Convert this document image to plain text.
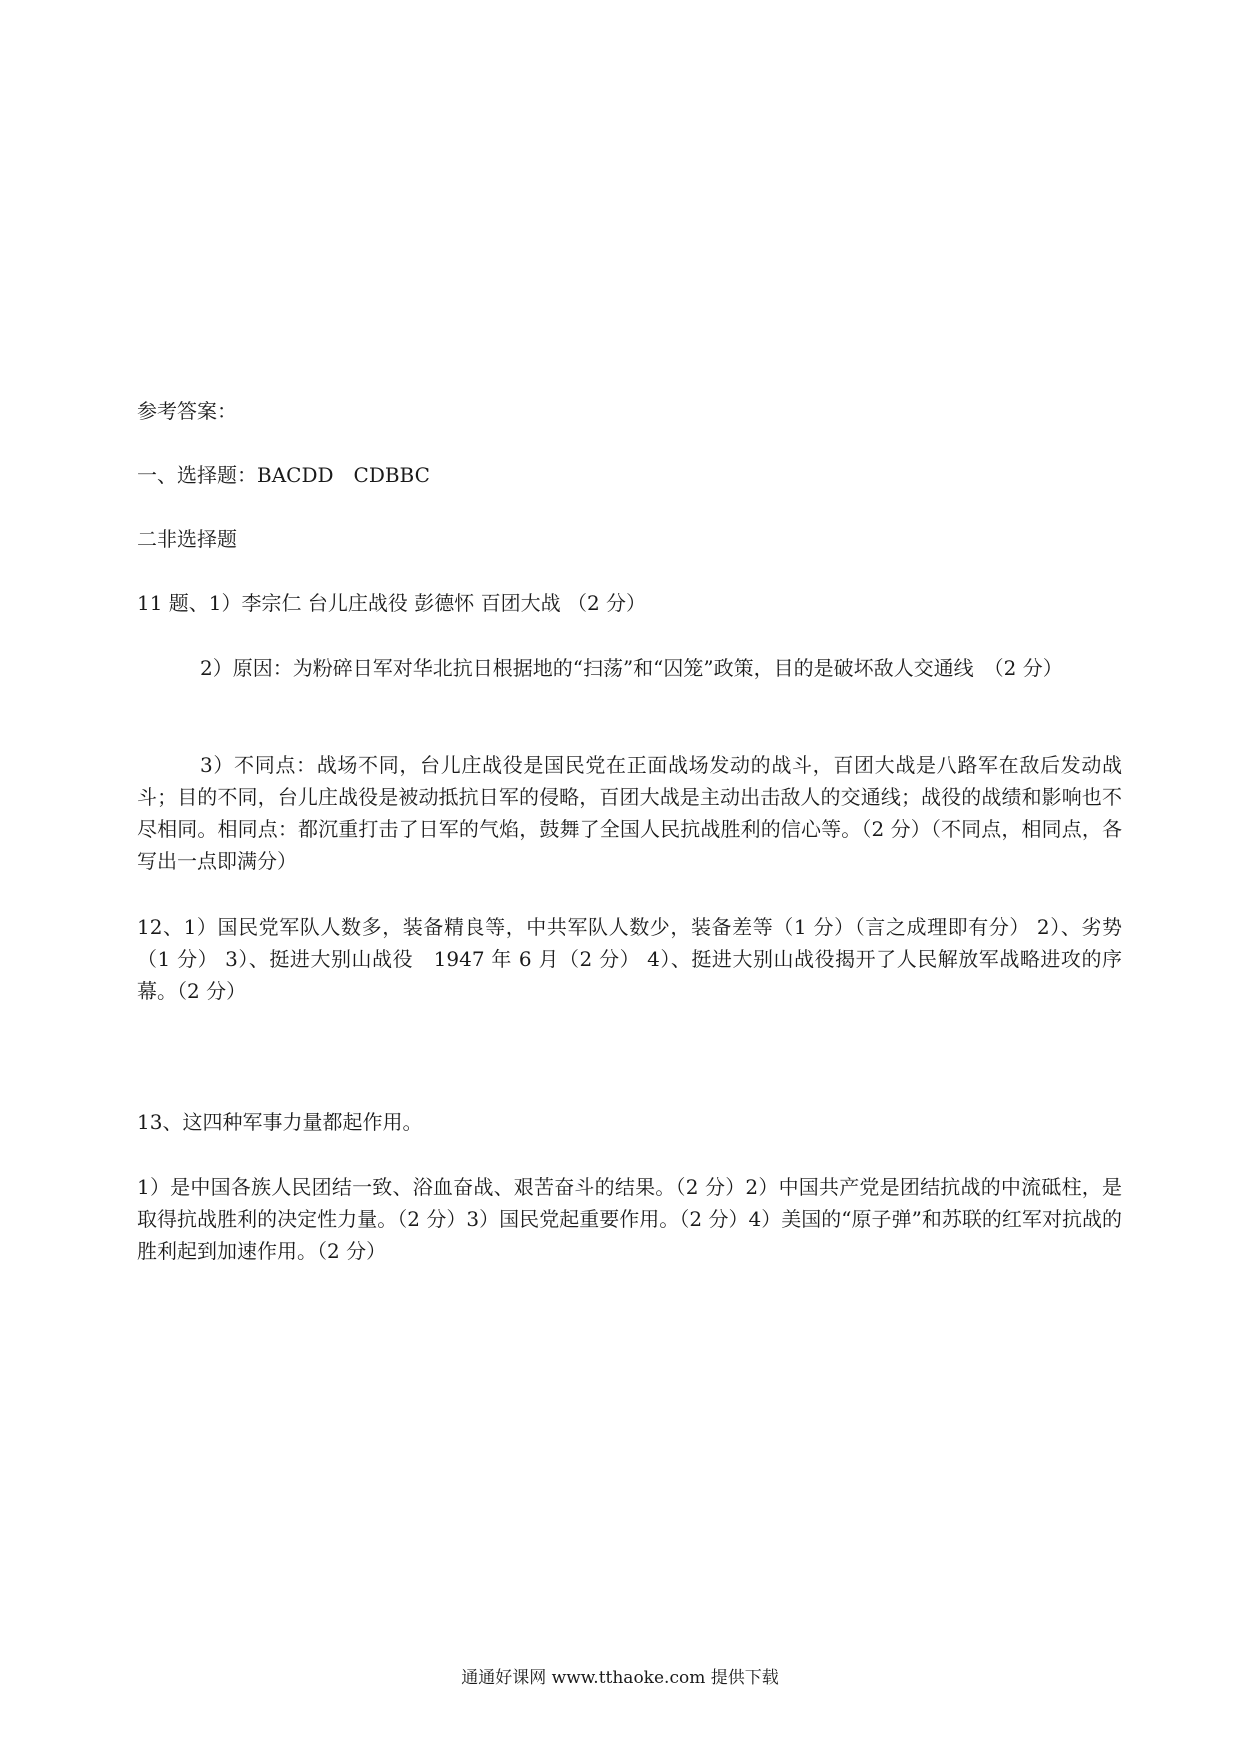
参考答案：
一、选择题：BACDD　CDBBC
二非选择题
11 题、1）李宗仁 台儿庄战役 彭德怀 百团大战 （2 分）
2）原因：为粉碎日军对华北抗日根据地的“扫荡”和“囚笼”政策，目的是破坏敌人交通线　（2 分）
3）不同点：战场不同，台儿庄战役是国民党在正面战场发动的战斗，百团大战是八路军在敌后发动战斗；目的不同，台儿庄战役是被动抵抗日军的侵略，百团大战是主动出击敌人的交通线；战役的战绩和影响也不尽相同。相同点：都沉重打击了日军的气焰，鼓舞了全国人民抗战胜利的信心等。（2 分）（不同点，相同点，各写出一点即满分）
12、1）国民党军队人数多，装备精良等，中共军队人数少，装备差等（1 分）（言之成理即有分） 2）、劣势（1 分） 3）、挺进大别山战役　1947 年 6 月（2 分） 4）、挺进大别山战役揭开了人民解放军战略进攻的序幕。（2 分）
13、这四种军事力量都起作用。
1）是中国各族人民团结一致、浴血奋战、艰苦奋斗的结果。（2 分）2）中国共产党是团结抗战的中流砥柱，是取得抗战胜利的决定性力量。（2 分）3）国民党起重要作用。（2 分）4）美国的“原子弹”和苏联的红军对抗战的胜利起到加速作用。（2 分）
通通好课网 www.tthaoke.com 提供下载
